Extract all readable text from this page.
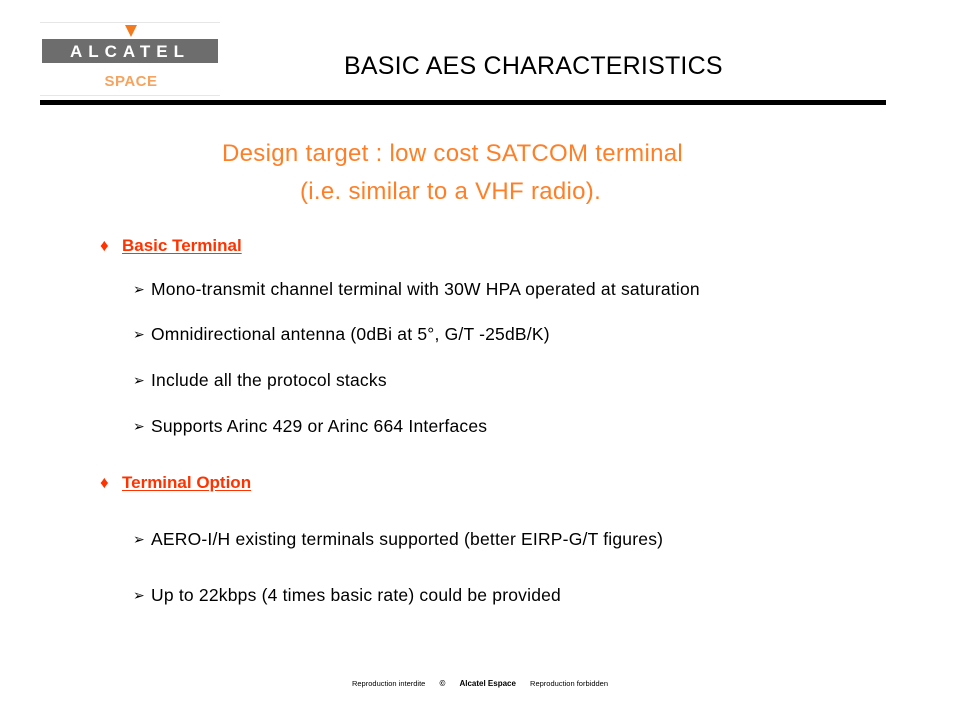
ALCATEL
SPACE
BASIC AES CHARACTERISTICS
Design target : low cost SATCOM terminal
(i.e. similar to a VHF radio).
♦ Basic Terminal
➢ Mono-transmit channel terminal with 30W HPA operated at saturation
➢ Omnidirectional antenna (0dBi at 5°, G/T -25dB/K)
➢ Include all the protocol stacks
➢ Supports Arinc 429 or Arinc 664 Interfaces
♦ Terminal Option
➢ AERO-I/H existing terminals supported (better EIRP-G/T figures)
➢ Up to 22kbps (4 times basic rate) could be provided
Reproduction interdite © Alcatel Espace Reproduction forbidden
